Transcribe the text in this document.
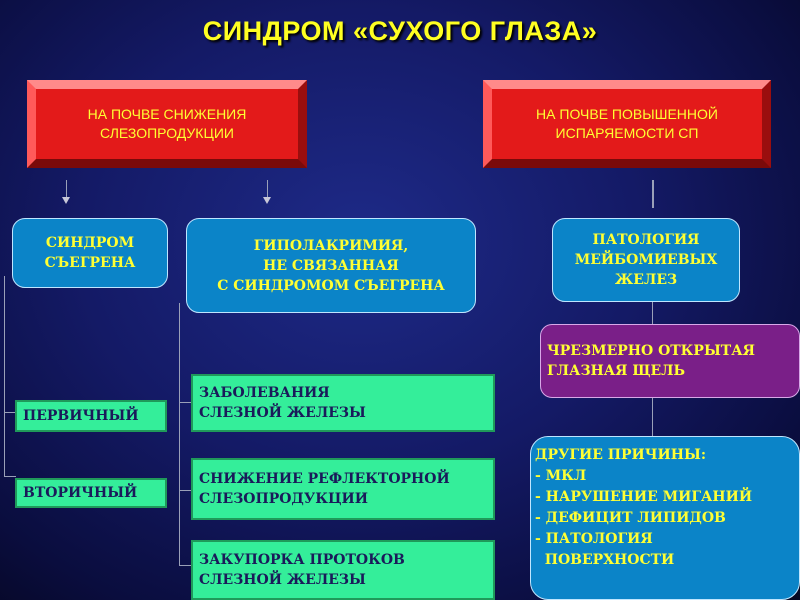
СИНДРОМ «СУХОГО ГЛАЗА»
НА ПОЧВЕ СНИЖЕНИЯ
СЛЕЗОПРОДУКЦИИ
НА ПОЧВЕ ПОВЫШЕННОЙ
ИСПАРЯЕМОСТИ СП
СИНДРОМ
СЪЕГРЕНА
ГИПОЛАКРИМИЯ,
НЕ СВЯЗАННАЯ
С СИНДРОМОМ СЪЕГРЕНА
ПАТОЛОГИЯ
МЕЙБОМИЕВЫХ
ЖЕЛЕЗ
ПЕРВИЧНЫЙ
ВТОРИЧНЫЙ
ЗАБОЛЕВАНИЯ
СЛЕЗНОЙ ЖЕЛЕЗЫ
СНИЖЕНИЕ РЕФЛЕКТОРНОЙ
СЛЕЗОПРОДУКЦИИ
ЗАКУПОРКА ПРОТОКОВ
СЛЕЗНОЙ ЖЕЛЕЗЫ
ЧРЕЗМЕРНО ОТКРЫТАЯ
ГЛАЗНАЯ ЩЕЛЬ
ДРУГИЕ ПРИЧИНЫ:
- МКЛ
- НАРУШЕНИЕ МИГАНИЙ
- ДЕФИЦИТ ЛИПИДОВ
- ПАТОЛОГИЯ
ПОВЕРХНОСТИ
